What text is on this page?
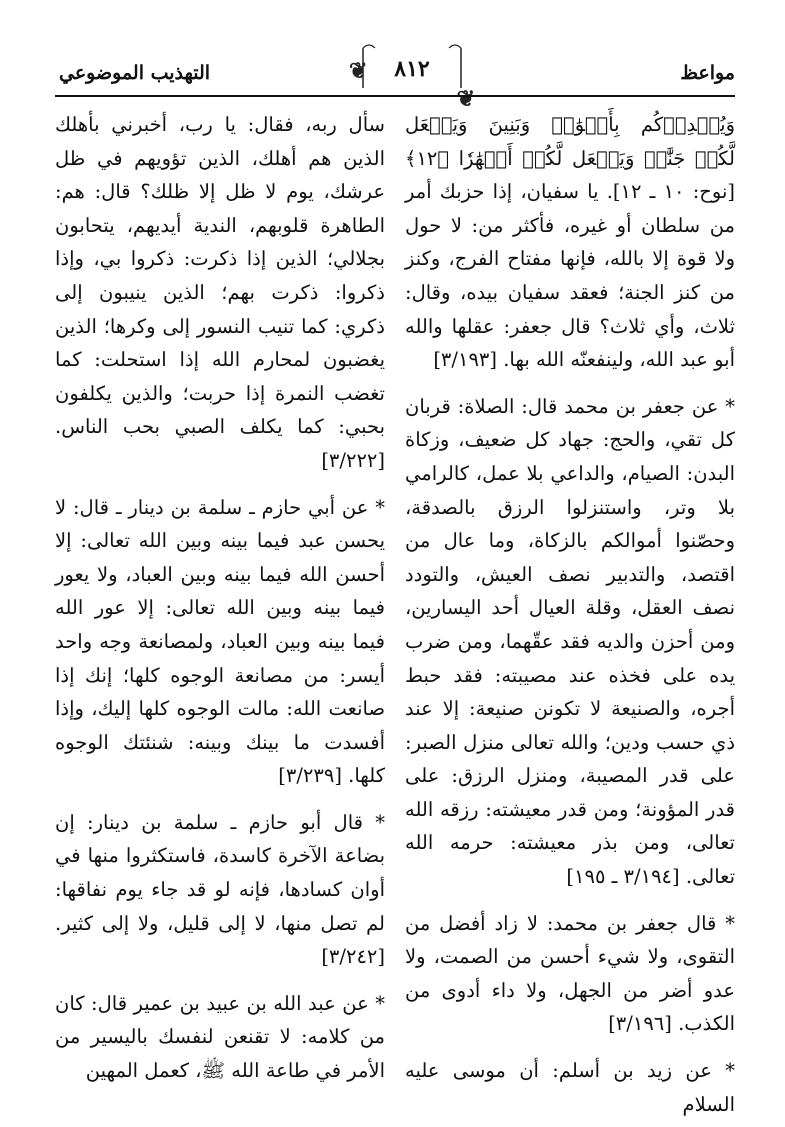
مواعظ
❦
❦
٨١٢
التهذيب الموضوعي

وَيُمۡدِدۡكُم بِأَمۡوَٰلٖ وَبَنِينَ وَيَجۡعَل لَّكُمۡ جَنَّٰتٖ وَيَجۡعَل لَّكُمۡ أَنۡهَٰرٗا ﴿١٢﴾ [نوح: ١٠ ـ ١٢]. يا سفيان، إذا حزبك أمر من سلطان أو غيره، فأكثر من: لا حول ولا قوة إلا بالله، فإنها مفتاح الفرج، وكنز من كنز الجنة؛ فعقد سفيان بيده، وقال: ثلاث، وأي ثلاث؟ قال جعفر: عقلها والله أبو عبد الله، ولينفعنّه الله بها. [٣/١٩٣]

* عن جعفر بن محمد قال: الصلاة: قربان كل تقي، والحج: جهاد كل ضعيف، وزكاة البدن: الصيام، والداعي بلا عمل، كالرامي بلا وتر، واستنزلوا الرزق بالصدقة، وحصّنوا أموالكم بالزكاة، وما عال من اقتصد، والتدبير نصف العيش، والتودد نصف العقل، وقلة العيال أحد اليسارين، ومن أحزن والديه فقد عقّهما، ومن ضرب يده على فخذه عند مصيبته: فقد حبط أجره، والصنيعة لا تكونن صنيعة: إلا عند ذي حسب ودين؛ والله تعالى منزل الصبر: على قدر المصيبة، ومنزل الرزق: على قدر المؤونة؛ ومن قدر معيشته: رزقه الله تعالى، ومن بذر معيشته: حرمه الله تعالى. [٣/١٩٤ ـ ١٩٥]

* قال جعفر بن محمد: لا زاد أفضل من التقوى، ولا شيء أحسن من الصمت، ولا عدو أضر من الجهل، ولا داء أدوى من الكذب. [٣/١٩٦]

* عن زيد بن أسلم: أن موسى عليه السلام

سأل ربه، فقال: يا رب، أخبرني بأهلك الذين هم أهلك، الذين تؤويهم في ظل عرشك، يوم لا ظل إلا ظلك؟ قال: هم: الطاهرة قلوبهم، الندية أيديهم، يتحابون بجلالي؛ الذين إذا ذكرت: ذكروا بي، وإذا ذكروا: ذكرت بهم؛ الذين ينيبون إلى ذكري: كما تنيب النسور إلى وكرها؛ الذين يغضبون لمحارم الله إذا استحلت: كما تغضب النمرة إذا حربت؛ والذين يكلفون بحبي: كما يكلف الصبي بحب الناس. [٣/٢٢٢]

* عن أبي حازم ـ سلمة بن دينار ـ قال: لا يحسن عبد فيما بينه وبين الله تعالى: إلا أحسن الله فيما بينه وبين العباد، ولا يعور فيما بينه وبين الله تعالى: إلا عور الله فيما بينه وبين العباد، ولمصانعة وجه واحد أيسر: من مصانعة الوجوه كلها؛ إنك إذا صانعت الله: مالت الوجوه كلها إليك، وإذا أفسدت ما بينك وبينه: شنئتك الوجوه كلها. [٣/٢٣٩]

* قال أبو حازم ـ سلمة بن دينار: إن بضاعة الآخرة كاسدة، فاستكثروا منها في أوان كسادها، فإنه لو قد جاء يوم نفاقها: لم تصل منها، لا إلى قليل، ولا إلى كثير. [٣/٢٤٢]

* عن عبد الله بن عبيد بن عمير قال: كان من كلامه: لا تقنعن لنفسك باليسير من الأمر في طاعة الله ﷺ، كعمل المهين
